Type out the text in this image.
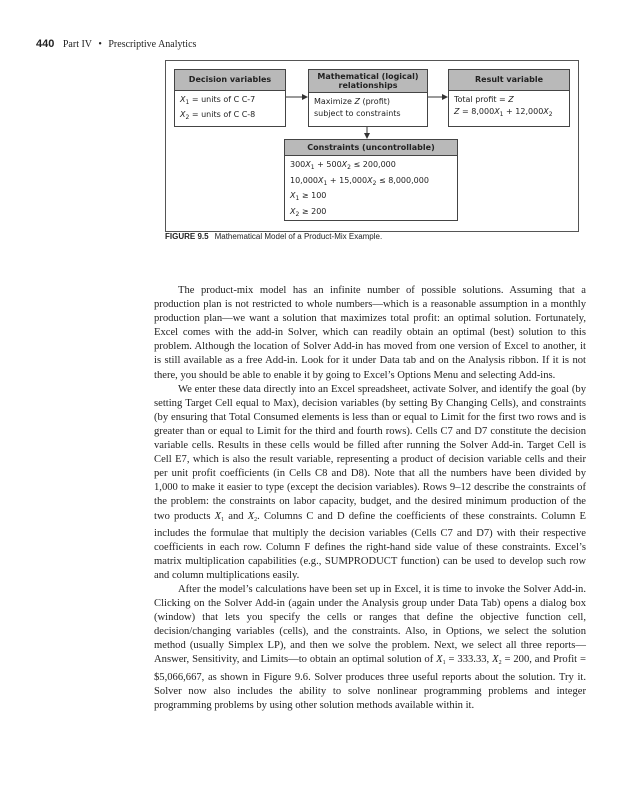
440 Part IV • Prescriptive Analytics
Decision variables
$X_1$ = units of C C-7
$X_2$ = units of C C-8
Mathematical (logical) relationships
Maximize Z (profit)
subject to constraints
Result variable
Total profit = Z
$Z = 8,000X_1 + 12,000X_2$
Constraints (uncontrollable)
$300X_1 + 500X_2 \le 200,000$
$10,000X_1 + 15,000X_2 \le 8,000,000$
$X_1 \ge 100$
$X_2 \ge 200$
FIGURE 9.5 Mathematical Model of a Product-Mix Example.

The product-mix model has an infinite number of possible solutions. Assuming that a production plan is not restricted to whole numbers—which is a reasonable assumption in a monthly production plan—we want a solution that maximizes total profit: an optimal solution. Fortunately, Excel comes with the add-in Solver, which can readily obtain an optimal (best) solution to this problem. Although the location of Solver Add-in has moved from one version of Excel to another, it is still available as a free Add-in. Look for it under Data tab and on the Analysis ribbon. If it is not there, you should be able to enable it by going to Excel’s Options Menu and selecting Add-ins.

We enter these data directly into an Excel spreadsheet, activate Solver, and identify the goal (by setting Target Cell equal to Max), decision variables (by setting By Changing Cells), and constraints (by ensuring that Total Consumed elements is less than or equal to Limit for the first two rows and is greater than or equal to Limit for the third and fourth rows). Cells C7 and D7 constitute the decision variable cells. Results in these cells would be filled after running the Solver Add-in. Target Cell is Cell E7, which is also the result variable, representing a product of decision variable cells and their per unit profit coefficients (in Cells C8 and D8). Note that all the numbers have been divided by 1,000 to make it easier to type (except the decision variables). Rows 9–12 describe the constraints of the problem: the constraints on labor capacity, budget, and the desired minimum production of the two products $X_1$ and $X_2$. Columns C and D define the coefficients of these constraints. Column E includes the formulae that multiply the decision variables (Cells C7 and D7) with their respective coefficients in each row. Column F defines the right-hand side value of these constraints. Excel’s matrix multiplication capabilities (e.g., SUMPRODUCT function) can be used to develop such row and column multiplications easily.

After the model’s calculations have been set up in Excel, it is time to invoke the Solver Add-in. Clicking on the Solver Add-in (again under the Analysis group under Data Tab) opens a dialog box (window) that lets you specify the cells or ranges that define the objective function cell, decision/changing variables (cells), and the constraints. Also, in Options, we select the solution method (usually Simplex LP), and then we solve the problem. Next, we select all three reports—Answer, Sensitivity, and Limits—to obtain an optimal solution of $X_1 = 333.33$, $X_2 = 200$, and Profit = $5,066,667, as shown in Figure 9.6. Solver produces three useful reports about the solution. Try it. Solver now also includes the ability to solve nonlinear programming problems and integer programming problems by using other solution methods available within it.
